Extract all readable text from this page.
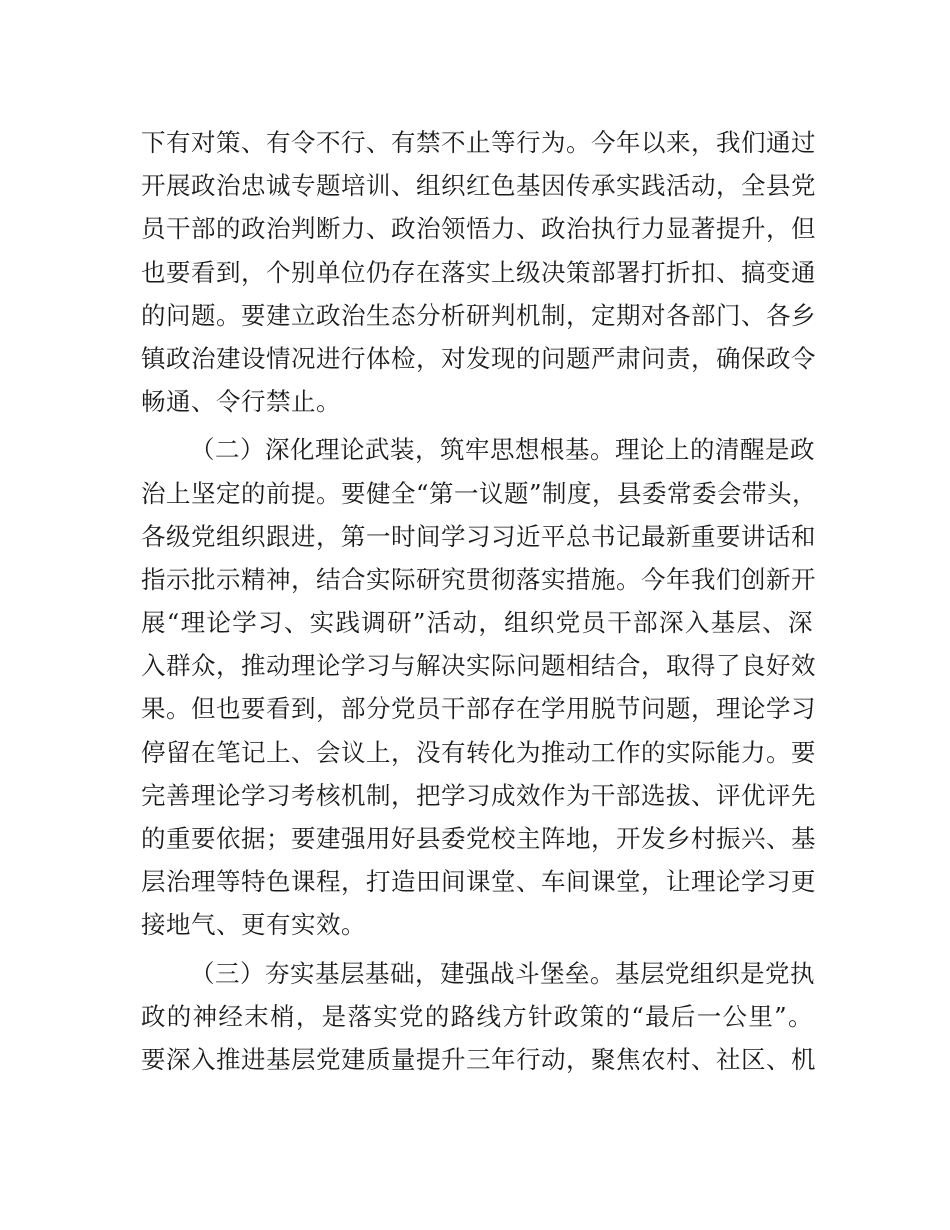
下有对策、有令不行、有禁不止等行为。今年以来，我们通过
开展政治忠诚专题培训、组织红色基因传承实践活动，全县党
员干部的政治判断力、政治领悟力、政治执行力显著提升，但
也要看到，个别单位仍存在落实上级决策部署打折扣、搞变通
的问题。要建立政治生态分析研判机制，定期对各部门、各乡
镇政治建设情况进行体检，对发现的问题严肃问责，确保政令
畅通、令行禁止。
（二）深化理论武装，筑牢思想根基。理论上的清醒是政
治上坚定的前提。要健全“第一议题”制度，县委常委会带头，
各级党组织跟进，第一时间学习习近平总书记最新重要讲话和
指示批示精神，结合实际研究贯彻落实措施。今年我们创新开
展“理论学习、实践调研”活动，组织党员干部深入基层、深
入群众，推动理论学习与解决实际问题相结合，取得了良好效
果。但也要看到，部分党员干部存在学用脱节问题，理论学习
停留在笔记上、会议上，没有转化为推动工作的实际能力。要
完善理论学习考核机制，把学习成效作为干部选拔、评优评先
的重要依据；要建强用好县委党校主阵地，开发乡村振兴、基
层治理等特色课程，打造田间课堂、车间课堂，让理论学习更
接地气、更有实效。
（三）夯实基层基础，建强战斗堡垒。基层党组织是党执
政的神经末梢，是落实党的路线方针政策的“最后一公里”。
要深入推进基层党建质量提升三年行动，聚焦农村、社区、机
